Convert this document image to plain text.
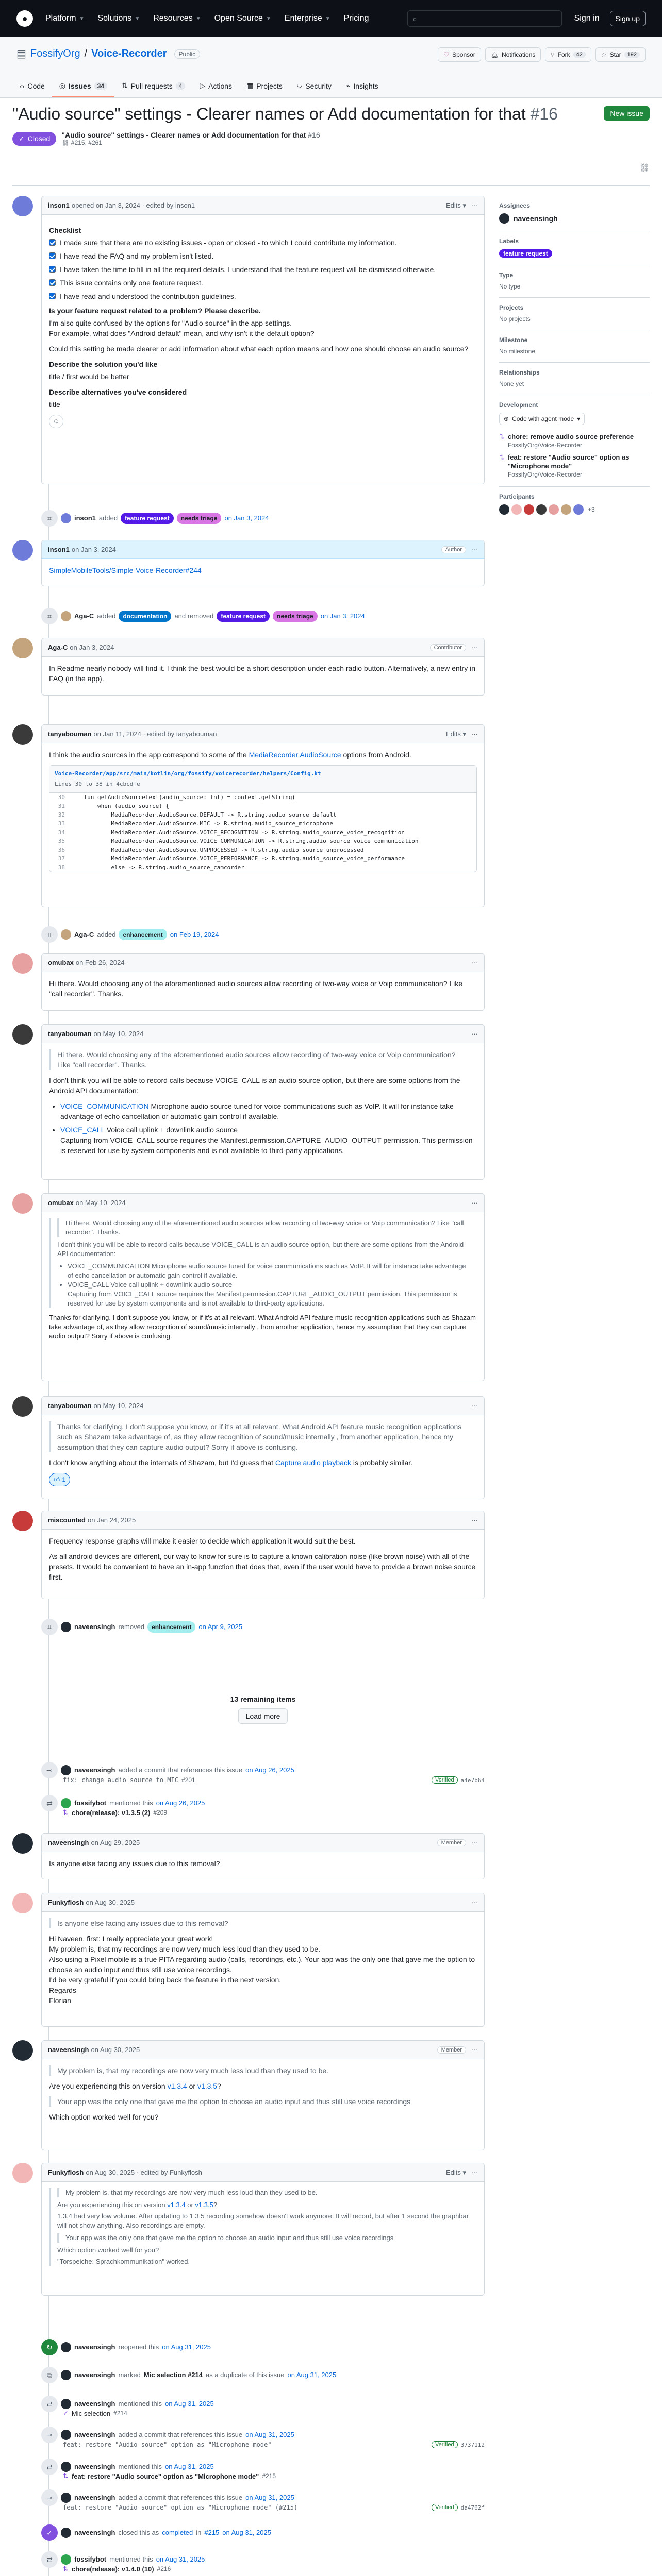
●	Platform ▼ Solutions ▼ Resources ▼ Open Source ▼ Enterprise ▼ Pricing	⌕	Sign in	Sign up
▤ FossifyOrg / Voice-Recorder	Public	♡ Sponsor	🔔︎ Notifications	⑂ Fork	42	☆ Star	192
‹› Code ◎ Issues	34	⇅ Pull requests	4	▷ Actions ▦ Projects ⛉ Security ⌁ Insights
"Audio source" settings - Clearer names or Add documentation for that #16	New issue
✓ Closed "Audio source" settings - Clearer names or Add documentation for that #16
⛓ #215, #261
⛓
inson1 opened on Jan 3, 2024 · edited by inson1	Edits ▾ ···
Checklist
I made sure that there are no existing issues - open or closed - to which I could contribute my information.
I have read the FAQ and my problem isn't listed.
I have taken the time to fill in all the required details. I understand that the feature request will be dismissed otherwise.
This issue contains only one feature request.
I have read and understood the contribution guidelines.
Is your feature request related to a problem? Please describe.

I'm also quite confused by the options for "Audio source" in the app settings.
For example, what does "Android default" mean, and why isn't it the default option?

Could this setting be made clearer or add information about what each option means and how one should choose an audio source?

Describe the solution you'd like

title / first would be better

Describe alternatives you've considered

title

☺
⌗	inson1 added	feature request	needs triage	on Jan 3, 2024
inson1 on Jan 3, 2024	Author	···
SimpleMobileTools/Simple-Voice-Recorder#244
⌗	Aga-C added	documentation	and removed	feature request	needs triage	on Jan 3, 2024
Aga-C on Jan 3, 2024	Contributor	···

In Readme nearly nobody will find it. I think the best would be a short description under each radio button. Alternatively, a new entry in FAQ (in the app).

tanyabouman on Jan 11, 2024 · edited by tanyabouman	Edits ▾ ···

I think the audio sources in the app correspond to some of the MediaRecorder.AudioSource options from Android.

Voice-Recorder/app/src/main/kotlin/org/fossify/voicerecorder/helpers/Config.kt
Lines 30 to 38 in 4cbcdfe
30 fun getAudioSourceText(audio_source: Int) = context.getString(
31 when (audio_source) {
32 MediaRecorder.AudioSource.DEFAULT -> R.string.audio_source_default
33 MediaRecorder.AudioSource.MIC -> R.string.audio_source_microphone
34 MediaRecorder.AudioSource.VOICE_RECOGNITION -> R.string.audio_source_voice_recognition
35 MediaRecorder.AudioSource.VOICE_COMMUNICATION -> R.string.audio_source_voice_communication
36 MediaRecorder.AudioSource.UNPROCESSED -> R.string.audio_source_unprocessed
37 MediaRecorder.AudioSource.VOICE_PERFORMANCE -> R.string.audio_source_voice_performance
38 else -> R.string.audio_source_camcorder
⌗	Aga-C added	enhancement	on Feb 19, 2024
omubax on Feb 26, 2024	···

Hi there. Would choosing any of the aforementioned audio sources allow recording of two-way voice or Voip communication? Like "call recorder". Thanks.

tanyabouman on May 10, 2024	···
Hi there. Would choosing any of the aforementioned audio sources allow recording of two-way voice or Voip communication? Like "call recorder". Thanks.

I don't think you will be able to record calls because VOICE_CALL is an audio source option, but there are some options from the Android API documentation:

• VOICE_COMMUNICATION Microphone audio source tuned for voice communications such as VoIP. It will for instance take advantage of echo cancellation or automatic gain control if available.
• VOICE_CALL Voice call uplink + downlink audio source
Capturing from VOICE_CALL source requires the Manifest.permission.CAPTURE_AUDIO_OUTPUT permission. This permission is reserved for use by system components and is not available to third-party applications.
omubax on May 10, 2024	···
Hi there. Would choosing any of the aforementioned audio sources allow recording of two-way voice or Voip communication? Like "call recorder". Thanks.

I don't think you will be able to record calls because VOICE_CALL is an audio source option, but there are some options from the Android API documentation:

• VOICE_COMMUNICATION Microphone audio source tuned for voice communications such as VoIP. It will for instance take advantage of echo cancellation or automatic gain control if available.
• VOICE_CALL Voice call uplink + downlink audio source
Capturing from VOICE_CALL source requires the Manifest.permission.CAPTURE_AUDIO_OUTPUT permission. This permission is reserved for use by system components and is not available to third-party applications.

Thanks for clarifying. I don't suppose you know, or if it's at all relevant. What Android API feature music recognition applications such as Shazam take advantage of, as they allow recognition of sound/music internally , from another application, hence my assumption that they can capture audio output? Sorry if above is confusing.

tanyabouman on May 10, 2024	···
Thanks for clarifying. I don't suppose you know, or if it's at all relevant. What Android API feature music recognition applications such as Shazam take advantage of, as they allow recognition of sound/music internally , from another application, hence my assumption that they can capture audio output? Sorry if above is confusing.

I don't know anything about the internals of Shazam, but I'd guess that Capture audio playback is probably similar.

👍︎ 1
miscounted on Jan 24, 2025	···

Frequency response graphs will make it easier to decide which application it would suit the best.

As all android devices are different, our way to know for sure is to capture a known calibration noise (like brown noise) with all of the presets. It would be convenient to have an in-app function that does that, even if the user would have to provide a brown noise source first.

⌗	naveensingh removed	enhancement	on Apr 9, 2025
13 remaining items
Load more
⊸	naveensingh added a commit that references this issue on Aug 26, 2025
fix: change audio source to MIC #201	Verified	a4e7b64
⇄	fossifybot mentioned this on Aug 26, 2025
⇅ chore(release): v1.3.5 (2) #209
naveensingh on Aug 29, 2025	Member	···

Is anyone else facing any issues due to this removal?

Funkyflosh on Aug 30, 2025	···
Is anyone else facing any issues due to this removal?

Hi Naveen, first: I really appreciate your great work!
My problem is, that my recordings are now very much less loud than they used to be.
Also using a Pixel mobile is a true PITA regarding audio (calls, recordings, etc.). Your app was the only one that gave me the option to choose an audio input and thus still use voice recordings.
I'd be very grateful if you could bring back the feature in the next version.
Regards
Florian

naveensingh on Aug 30, 2025	Member	···
My problem is, that my recordings are now very much less loud than they used to be.

Are you experiencing this on version v1.3.4 or v1.3.5?

Your app was the only one that gave me the option to choose an audio input and thus still use voice recordings

Which option worked well for you?

Funkyflosh on Aug 30, 2025 · edited by Funkyflosh	Edits ▾ ···
My problem is, that my recordings are now very much less loud than they used to be.

Are you experiencing this on version v1.3.4 or v1.3.5?

1.3.4 had very low volume. After updating to 1.3.5 recording somehow doesn't work anymore. It will record, but after 1 second the graphbar will not show anything. Also recordings are empty.

Your app was the only one that gave me the option to choose an audio input and thus still use voice recordings

Which option worked well for you?

"Torspeiche: Sprachkommunikation" worked.

↻	naveensingh reopened this on Aug 31, 2025
⧉	naveensingh marked Mic selection #214 as a duplicate of this issue on Aug 31, 2025
⇄	naveensingh mentioned this on Aug 31, 2025
✓ Mic selection #214
⊸	naveensingh added a commit that references this issue on Aug 31, 2025
feat: restore "Audio source" option as "Microphone mode"	Verified	3737112
⇄	naveensingh mentioned this on Aug 31, 2025
⇅ feat: restore "Audio source" option as "Microphone mode" #215
⊸	naveensingh added a commit that references this issue on Aug 31, 2025
feat: restore "Audio source" option as "Microphone mode" (#215)	Verified	da4762f
✓	naveensingh closed this as completed in #215 on Aug 31, 2025
⇄	fossifybot mentioned this on Aug 31, 2025
⇅ chore(release): v1.4.0 (10) #216

Assignees
naveensingh
Labels
feature request
Type
No type
Projects
No projects
Milestone
No milestone
Relationships
None yet
Development
⊕ Code with agent mode ▾
⇅ chore: remove audio source preference
FossifyOrg/Voice-Recorder
⇅ feat: restore "Audio source" option as "Microphone mode"
FossifyOrg/Voice-Recorder
Participants
+3
